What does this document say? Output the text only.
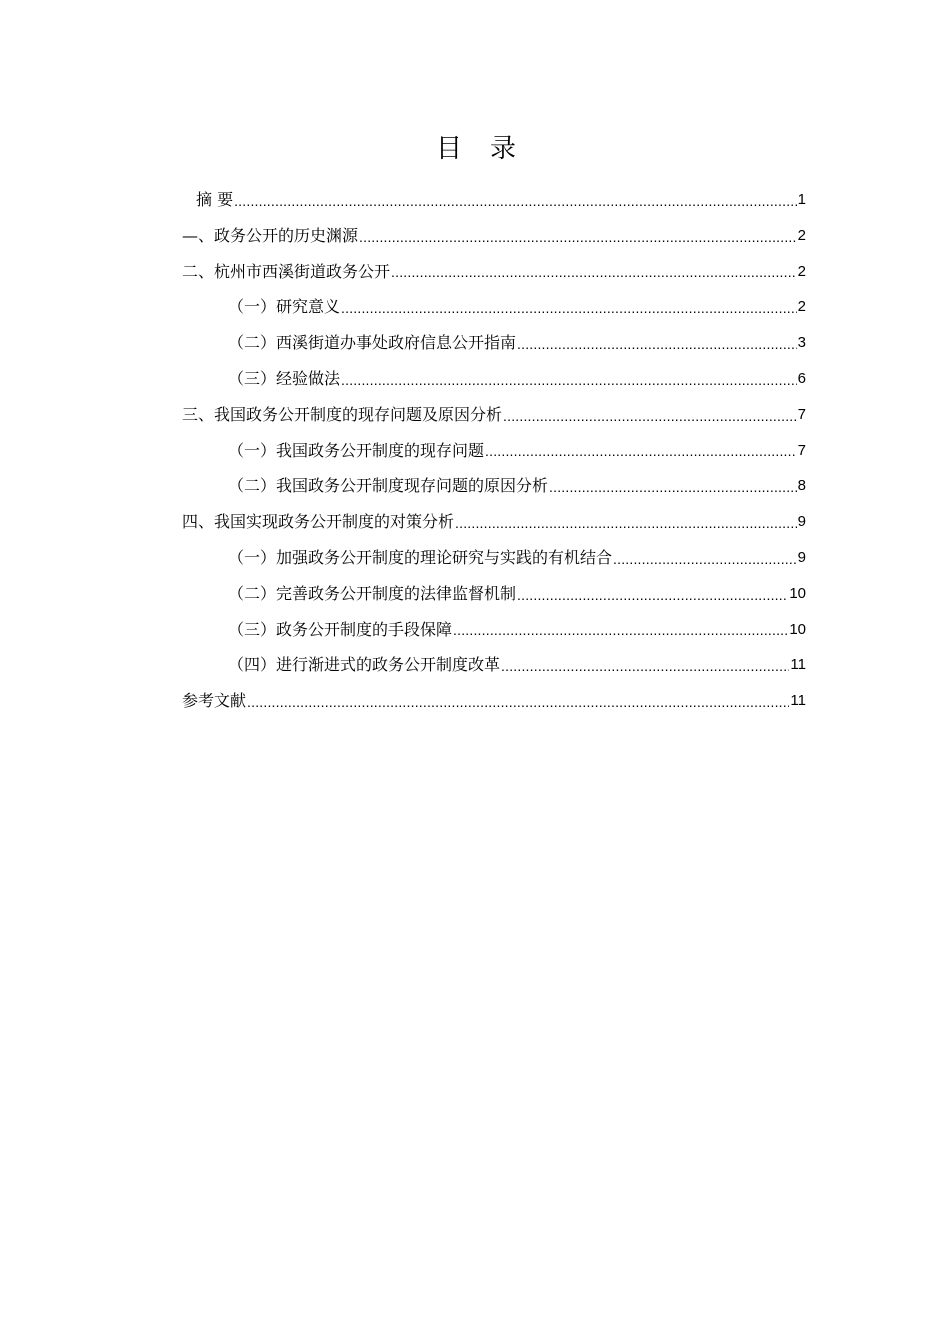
目录
摘 要 .....	1
—、政务公开的历史渊源 .....	2
二、杭州市西溪街道政务公开 .....	2
（一）研究意义 .....	2
（二）西溪街道办事处政府信息公开指南 .....	3
（三）经验做法 .....	6
三、我国政务公开制度的现存问题及原因分析 .....	7
（一）我国政务公开制度的现存问题 .....	7
（二）我国政务公开制度现存问题的原因分析 .....	8
四、我国实现政务公开制度的对策分析 .....	9
（一）加强政务公开制度的理论研究与实践的有机结合 .....	9
（二）完善政务公开制度的法律监督机制 .....	10
（三）政务公开制度的手段保障 .....	10
（四）进行渐进式的政务公开制度改革 .....	11
参考文献 .....	11
